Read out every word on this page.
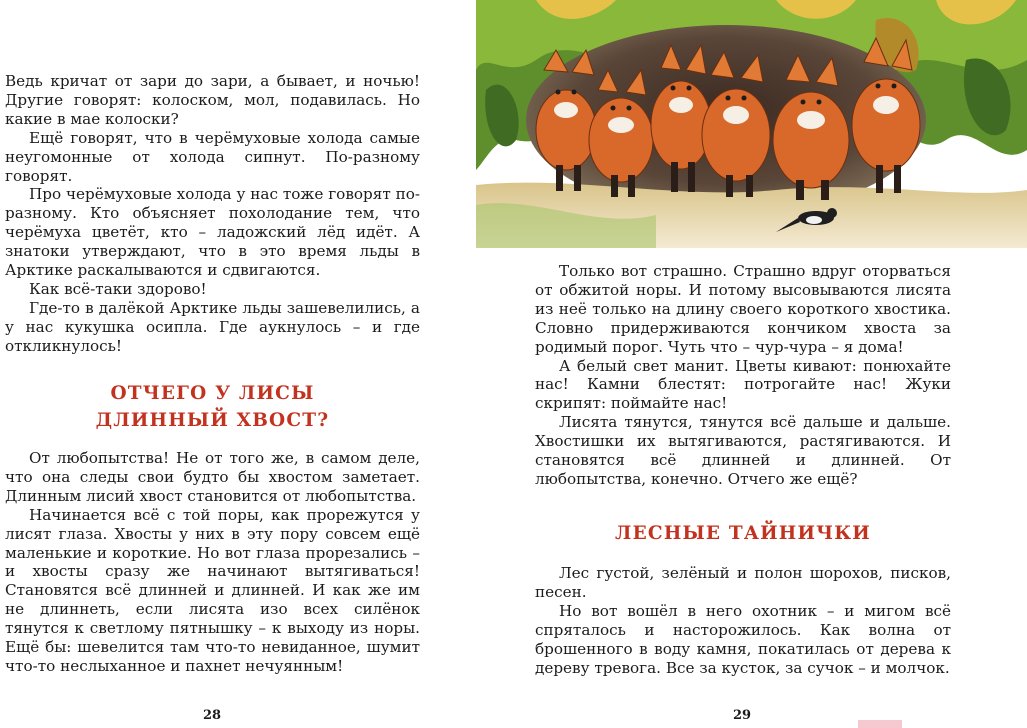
Ведь кричат от зари до зари, а бывает, и ночью! Другие говорят: колоском, мол, подавилась. Но какие в мае колоски?

Ещё говорят, что в черёмуховые холода самые неугомонные от холода сипнут. По-разному говорят.

Про черёмуховые холода у нас тоже говорят по-разному. Кто объясняет похолодание тем, что черёмуха цветёт, кто – ладожский лёд идёт. А знатоки утверждают, что в это время льды в Арктике раскалываются и сдвигаются.

Как всё-таки здорово!

Где-то в далёкой Арктике льды зашевелились, а у нас кукушка осипла. Где аукнулось – и где откликнулось!

ОТЧЕГО У ЛИСЫ
ДЛИННЫЙ ХВОСТ?

От любопытства! Не от того же, в самом деле, что она следы свои будто бы хвостом заметает. Длинным лисий хвост становится от любопытства.

Начинается всё с той поры, как прорежутся у лисят глаза. Хвосты у них в эту пору совсем ещё маленькие и короткие. Но вот глаза прорезались – и хвосты сразу же начинают вытягиваться! Становятся всё длинней и длинней. И как же им не длиннеть, если лисята изо всех силёнок тянутся к светлому пятнышку – к выходу из норы. Ещё бы: шевелится там что-то невиданное, шумит что-то неслыханное и пахнет нечуянным!

28

Только вот страшно. Страшно вдруг оторваться от обжитой норы. И потому высовываются лисята из неё только на длину своего короткого хвостика. Словно придерживаются кончиком хвоста за родимый порог. Чуть что – чур-чура – я дома!

А белый свет манит. Цветы кивают: понюхайте нас! Камни блестят: потрогайте нас! Жуки скрипят: поймайте нас!

Лисята тянутся, тянутся всё дальше и дальше. Хвостишки их вытягиваются, растягиваются. И становятся всё длинней и длинней. От любопытства, конечно. Отчего же ещё?

ЛЕСНЫЕ ТАЙНИЧКИ

Лес густой, зелёный и полон шорохов, писков, песен.

Но вот вошёл в него охотник – и мигом всё спряталось и насторожилось. Как волна от брошенного в воду камня, покатилась от дерева к дереву тревога. Все за кусток, за сучок – и молчок.

29
